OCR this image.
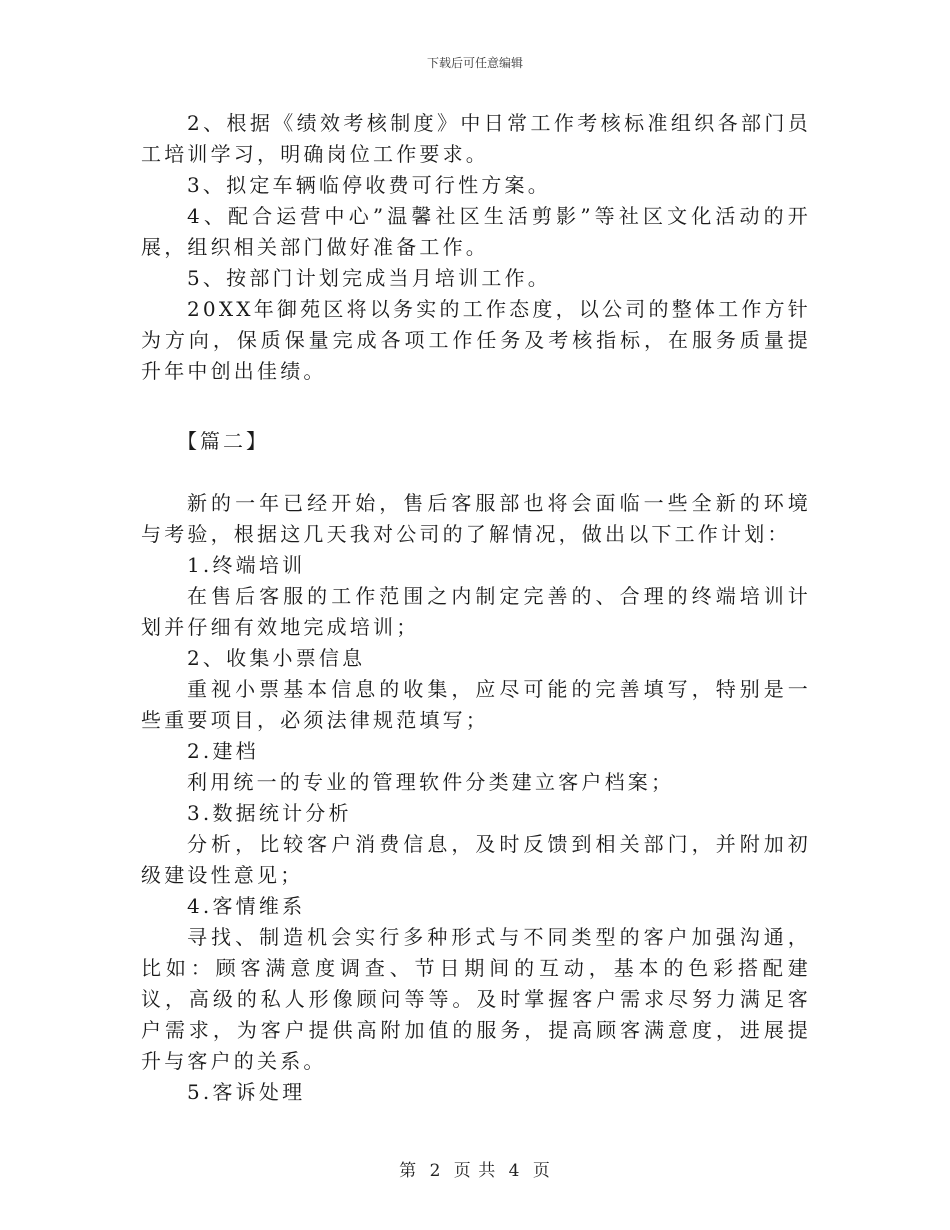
下载后可任意编辑

2、根据《绩效考核制度》中日常工作考核标准组织各部门员工培训学习，明确岗位工作要求。

3、拟定车辆临停收费可行性方案。

4、配合运营中心”温馨社区生活剪影”等社区文化活动的开展，组织相关部门做好准备工作。

5、按部门计划完成当月培训工作。

20XX年御苑区将以务实的工作态度，以公司的整体工作方针为方向，保质保量完成各项工作任务及考核指标，在服务质量提升年中创出佳绩。

【篇二】

新的一年已经开始，售后客服部也将会面临一些全新的环境与考验，根据这几天我对公司的了解情况，做出以下工作计划：

1.终端培训

在售后客服的工作范围之内制定完善的、合理的终端培训计划并仔细有效地完成培训；

2、收集小票信息

重视小票基本信息的收集，应尽可能的完善填写，特别是一些重要项目，必须法律规范填写；

2.建档

利用统一的专业的管理软件分类建立客户档案；

3.数据统计分析

分析，比较客户消费信息，及时反馈到相关部门，并附加初级建设性意见；

4.客情维系

寻找、制造机会实行多种形式与不同类型的客户加强沟通，比如：顾客满意度调查、节日期间的互动，基本的色彩搭配建议，高级的私人形像顾问等等。及时掌握客户需求尽努力满足客户需求，为客户提供高附加值的服务，提高顾客满意度，进展提升与客户的关系。

5.客诉处理

第 2 页 共 4 页
